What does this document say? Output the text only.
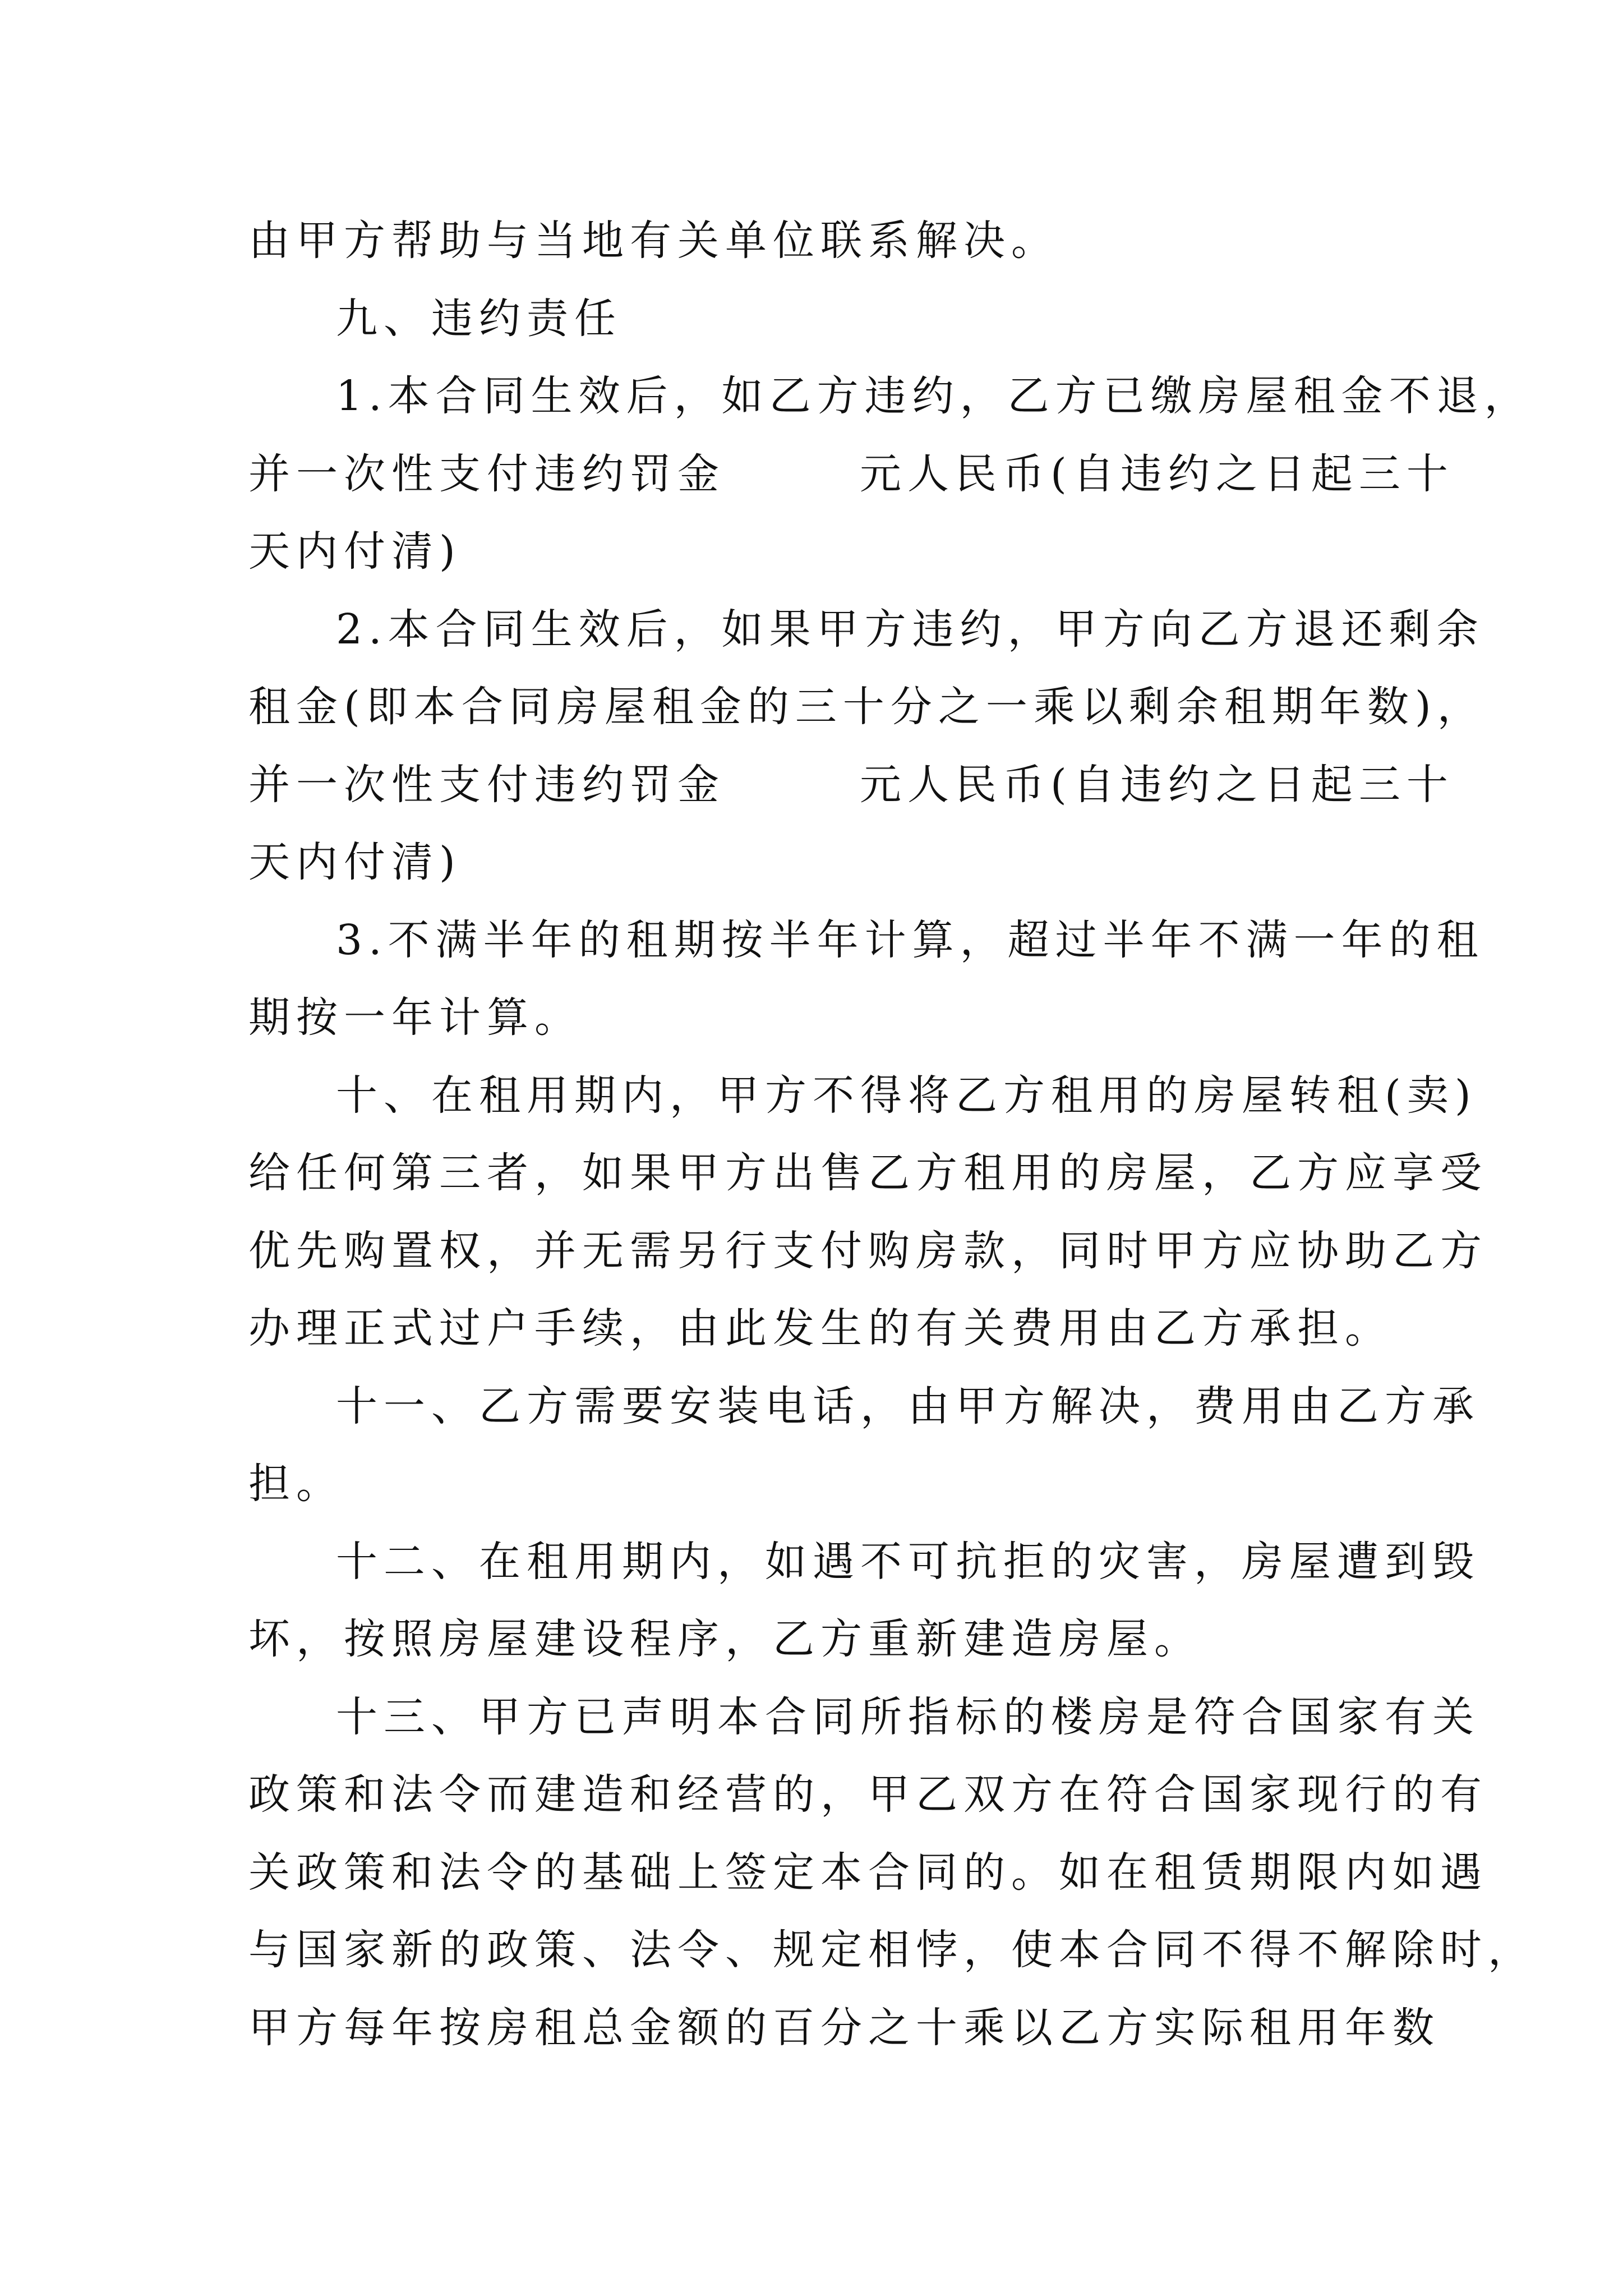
由甲方帮助与当地有关单位联系解决。
九、违约责任
1.本合同生效后，如乙方违约，乙方已缴房屋租金不退，
并一次性支付违约罚金	元人民币(自违约之日起三十
天内付清)
2.本合同生效后，如果甲方违约，甲方向乙方退还剩余
租金(即本合同房屋租金的三十分之一乘以剩余租期年数)，
并一次性支付违约罚金	元人民币(自违约之日起三十
天内付清)
3.不满半年的租期按半年计算，超过半年不满一年的租
期按一年计算。
十、在租用期内，甲方不得将乙方租用的房屋转租(卖)
给任何第三者，如果甲方出售乙方租用的房屋，乙方应享受
优先购置权，并无需另行支付购房款，同时甲方应协助乙方
办理正式过户手续，由此发生的有关费用由乙方承担。
十一、乙方需要安装电话，由甲方解决，费用由乙方承
担。
十二、在租用期内，如遇不可抗拒的灾害，房屋遭到毁
坏，按照房屋建设程序，乙方重新建造房屋。
十三、甲方已声明本合同所指标的楼房是符合国家有关
政策和法令而建造和经营的，甲乙双方在符合国家现行的有
关政策和法令的基础上签定本合同的。如在租赁期限内如遇
与国家新的政策、法令、规定相悖，使本合同不得不解除时，
甲方每年按房租总金额的百分之十乘以乙方实际租用年数
